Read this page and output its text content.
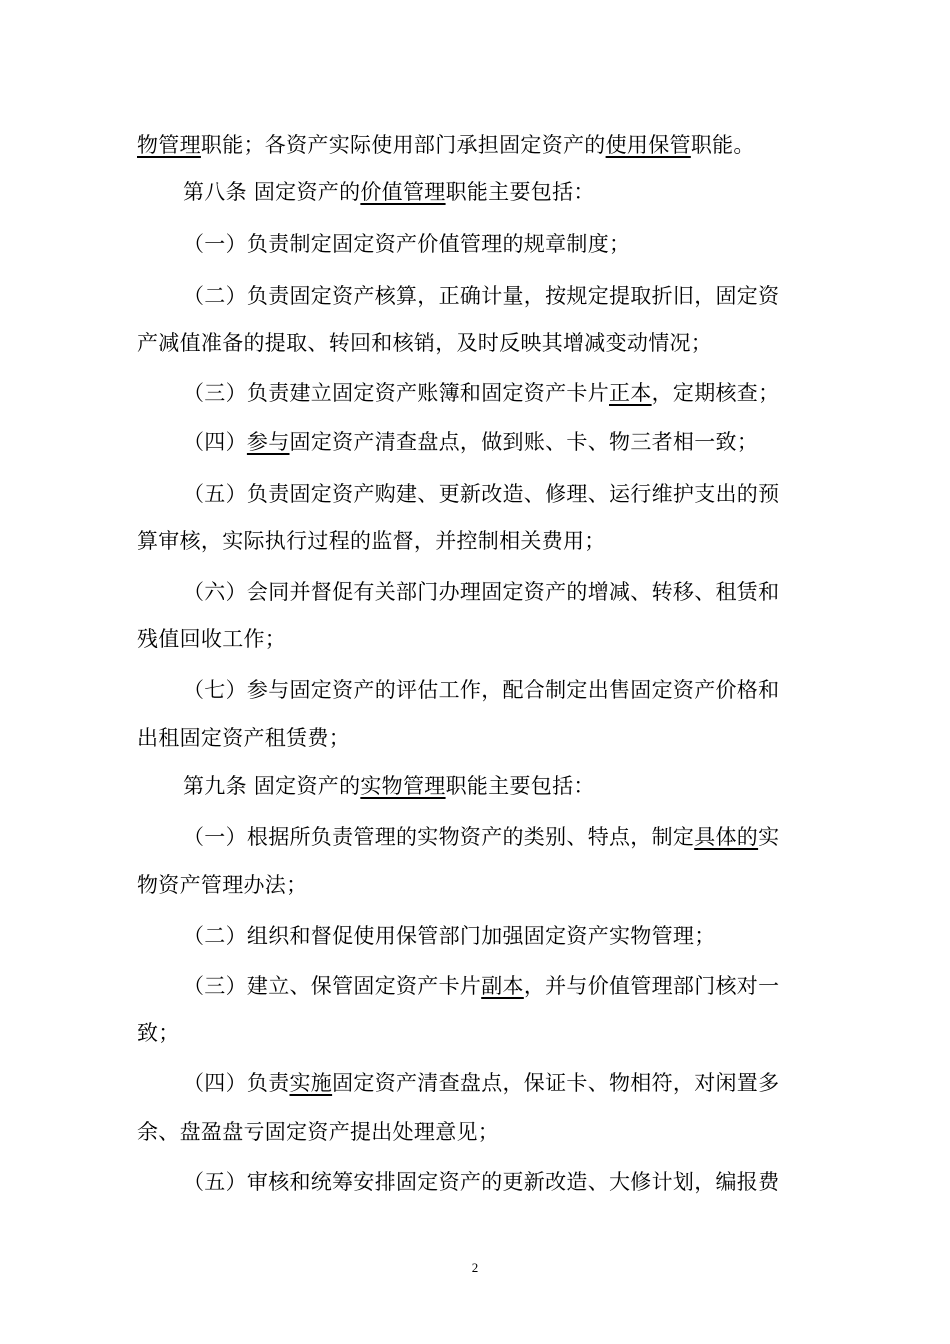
物管理职能；各资产实际使用部门承担固定资产的使用保管职能。
第八条 固定资产的价值管理职能主要包括：
（一）负责制定固定资产价值管理的规章制度；
（二）负责固定资产核算，正确计量，按规定提取折旧，固定资
产减值准备的提取、转回和核销，及时反映其增减变动情况；
（三）负责建立固定资产账簿和固定资产卡片正本，定期核查；
（四）参与固定资产清查盘点，做到账、卡、物三者相一致；
（五）负责固定资产购建、更新改造、修理、运行维护支出的预
算审核，实际执行过程的监督，并控制相关费用；
（六）会同并督促有关部门办理固定资产的增减、转移、租赁和
残值回收工作；
（七）参与固定资产的评估工作，配合制定出售固定资产价格和
出租固定资产租赁费；
第九条 固定资产的实物管理职能主要包括：
（一）根据所负责管理的实物资产的类别、特点，制定具体的实
物资产管理办法；
（二）组织和督促使用保管部门加强固定资产实物管理；
（三）建立、保管固定资产卡片副本，并与价值管理部门核对一
致；
（四）负责实施固定资产清查盘点，保证卡、物相符，对闲置多
余、盘盈盘亏固定资产提出处理意见；
（五）审核和统筹安排固定资产的更新改造、大修计划，编报费
2
